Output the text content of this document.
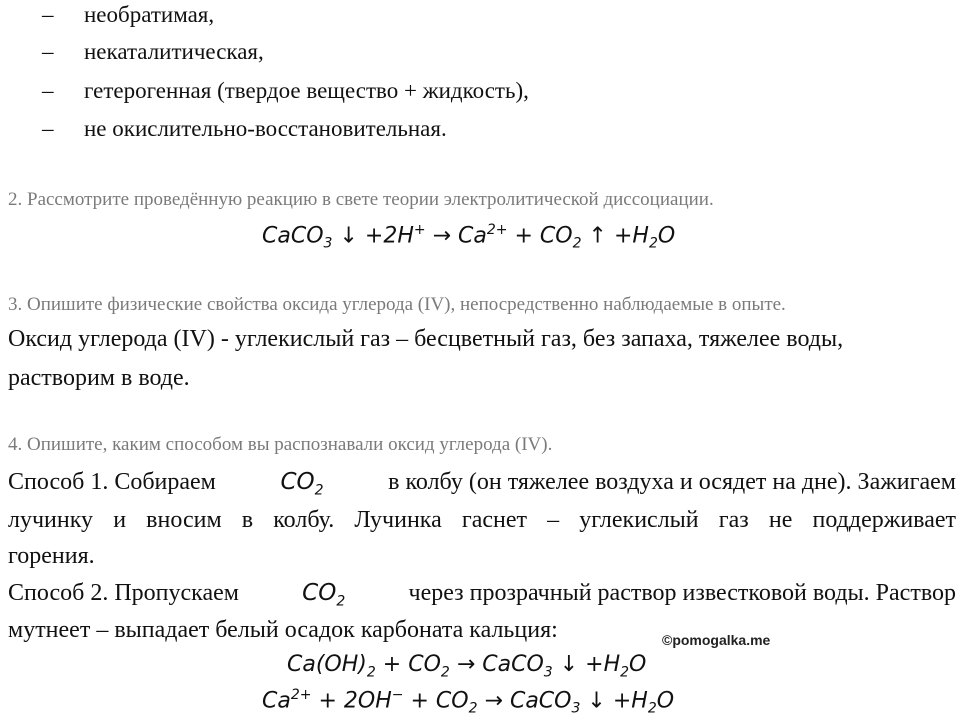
– необратимая,
– некаталитическая,
– гетерогенная (твердое вещество + жидкость),
– не окислительно-восстановительная.
2. Рассмотрите проведённую реакцию в свете теории электролитической диссоциации.
CaCO$_3$ ↓ $+2H^+ \to Ca^{2+} + CO_2$ ↑ $+H_2O$
3. Опишите физические свойства оксида углерода (IV), непосредственно наблюдаемые в опыте.
Оксид углерода (IV) - углекислый газ – бесцветный газ, без запаха, тяжелее воды,
растворим в воде.
4. Опишите, каким способом вы распознавали оксид углерода (IV).
Способ 1. Собираем	$CO_2$	в колбу (он тяжелее воздуха и осядет на дне). Зажигаем
лучинку и вносим в колбу. Лучинка гаснет – углекислый газ не поддерживает
горения.
Способ 2. Пропускаем	$CO_2$	через прозрачный раствор известковой воды. Раствор
мутнеет – выпадает белый осадок карбоната кальция:	©pomogalka.me
$Ca(OH)_2 + CO_2$ → CaCO$_3$ ↓ $+H_2O$
$Ca^{2+} + 2OH^- + CO_2$ → CaCO$_3$ ↓ $+H_2O$
